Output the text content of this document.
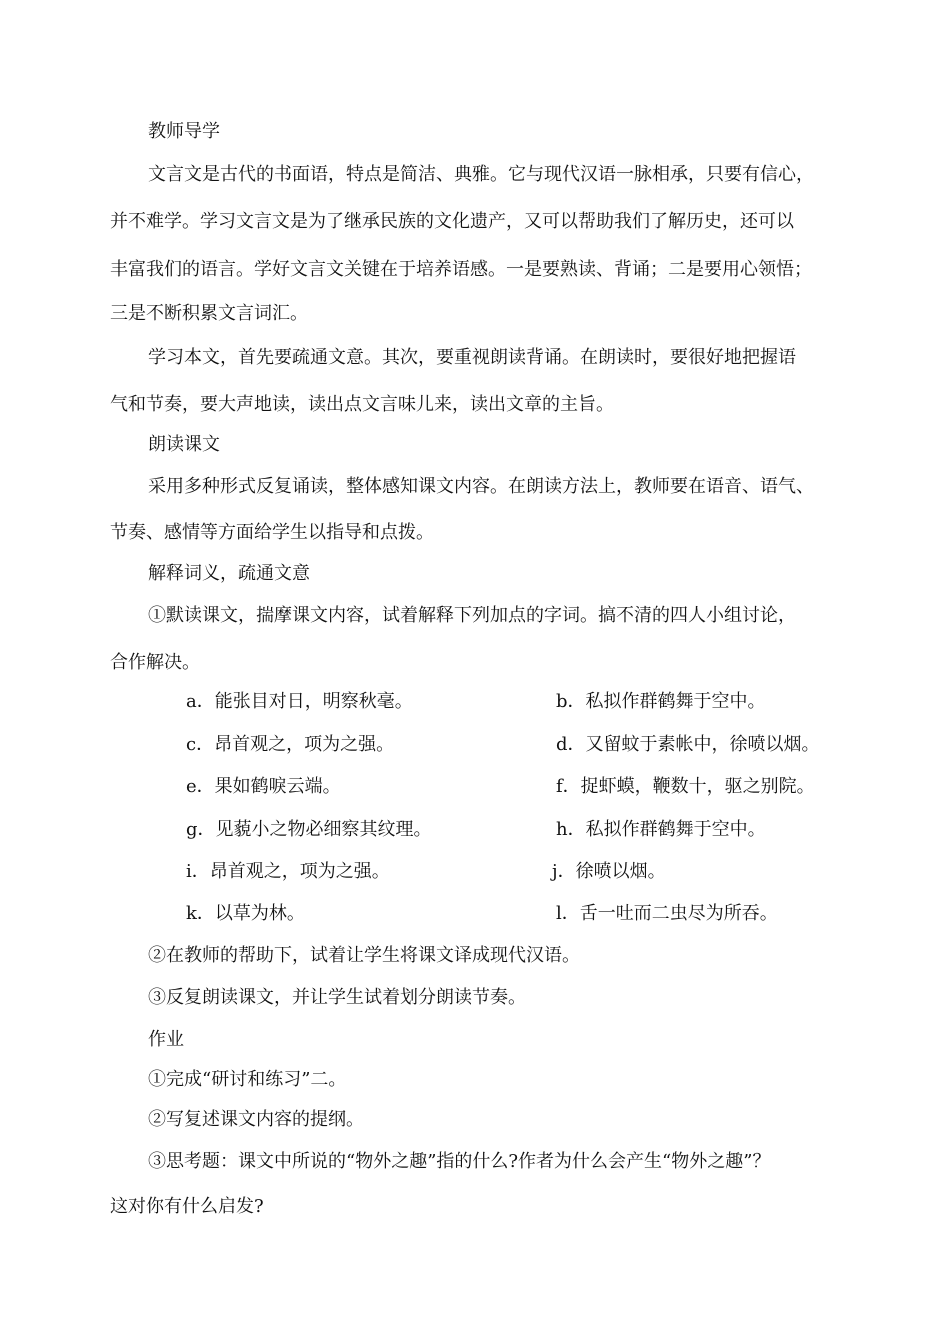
教师导学
文言文是古代的书面语，特点是简洁、典雅。它与现代汉语一脉相承，只要有信心，
并不难学。学习文言文是为了继承民族的文化遗产，又可以帮助我们了解历史，还可以
丰富我们的语言。学好文言文关键在于培养语感。一是要熟读、背诵；二是要用心领悟；
三是不断积累文言词汇。
学习本文，首先要疏通文意。其次，要重视朗读背诵。在朗读时，要很好地把握语
气和节奏，要大声地读，读出点文言味儿来，读出文章的主旨。
朗读课文
采用多种形式反复诵读，整体感知课文内容。在朗读方法上，教师要在语音、语气、
节奏、感情等方面给学生以指导和点拨。
解释词义，疏通文意
①默读课文，揣摩课文内容，试着解释下列加点的字词。搞不清的四人小组讨论，
合作解决。
a．能张目对日，明察秋毫。	b．私拟作群鹤舞于空中。
c．昂首观之，项为之强。	d．又留蚊于素帐中，徐喷以烟。
e．果如鹤唳云端。	f．捉虾蟆，鞭数十，驱之别院。
g．见藐小之物必细察其纹理。	h．私拟作群鹤舞于空中。
i．昂首观之，项为之强。	j．徐喷以烟。
k．以草为林。	l．舌一吐而二虫尽为所吞。
②在教师的帮助下，试着让学生将课文译成现代汉语。
③反复朗读课文，并让学生试着划分朗读节奏。
作业
①完成“研讨和练习”二。
②写复述课文内容的提纲。
③思考题：课文中所说的“物外之趣”指的什么?作者为什么会产生“物外之趣”？
这对你有什么启发?
